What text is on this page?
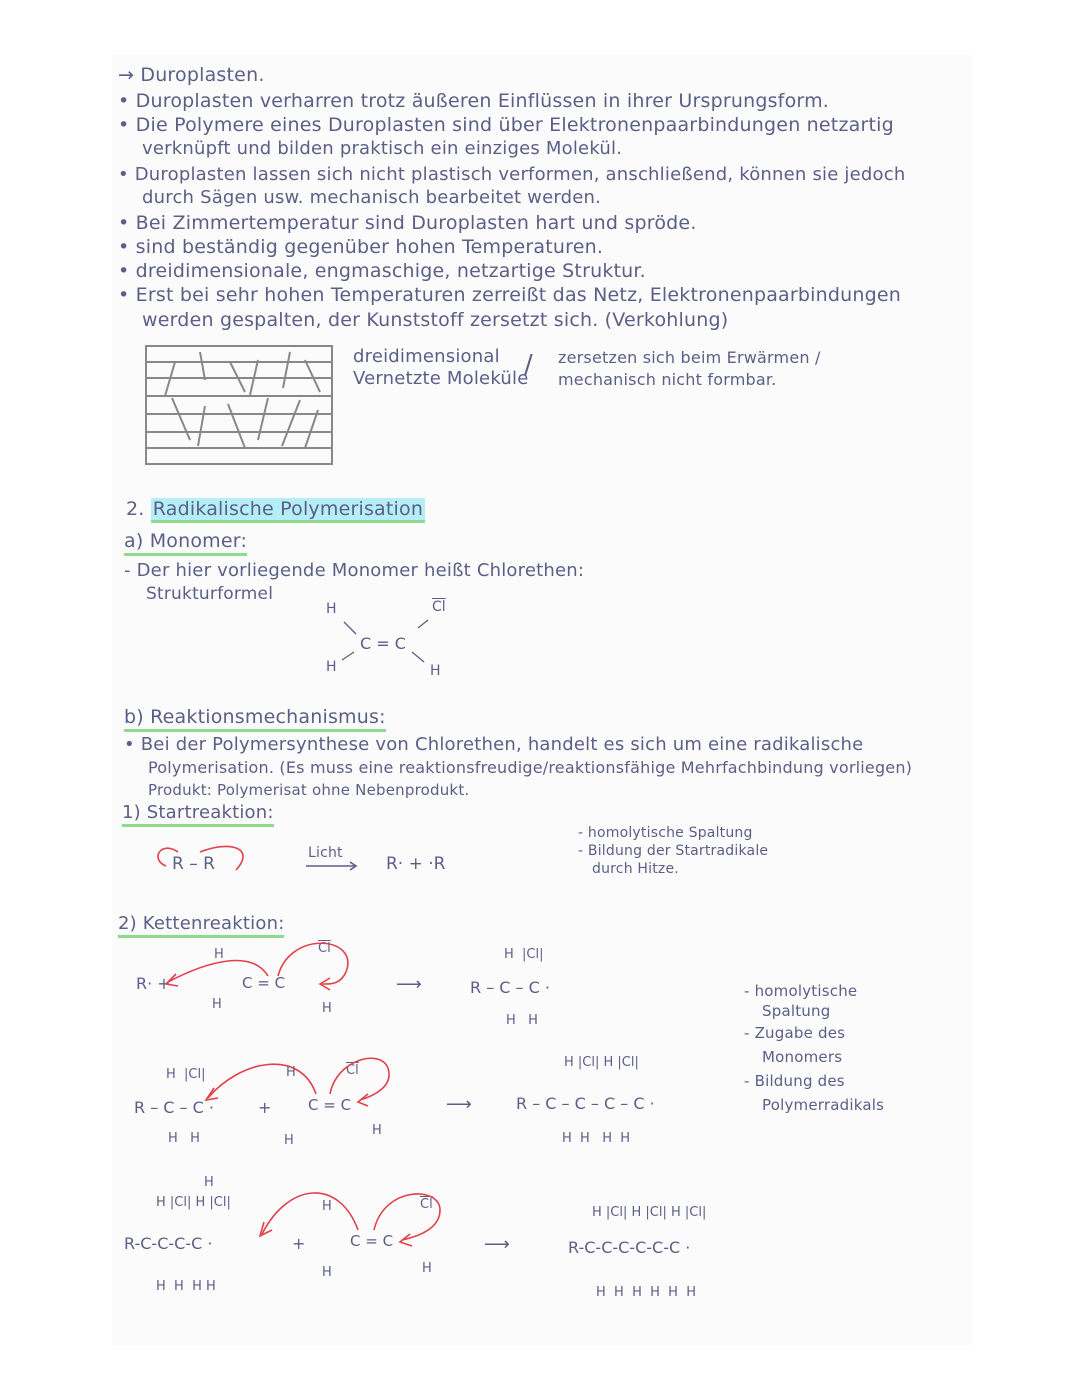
→ Duroplasten.
• Duroplasten verharren trotz äußeren Einflüssen in ihrer Ursprungsform.
• Die Polymere eines Duroplasten sind über Elektronenpaarbindungen netzartig
verknüpft und bilden praktisch ein einziges Molekül.
• Duroplasten lassen sich nicht plastisch verformen, anschließend, können sie jedoch
durch Sägen usw. mechanisch bearbeitet werden.
• Bei Zimmertemperatur sind Duroplasten hart und spröde.
• sind beständig gegenüber hohen Temperaturen.
• dreidimensionale, engmaschige, netzartige Struktur.
• Erst bei sehr hohen Temperaturen zerreißt das Netz, Elektronenpaarbindungen
werden gespalten, der Kunststoff zersetzt sich. (Verkohlung)
dreidimensional
Vernetzte Moleküle
/ zersetzen sich beim Erwärmen /
mechanisch nicht formbar.
2. Radikalische Polymerisation
a) Monomer:
- Der hier vorliegende Monomer heißt Chlorethen:
Strukturformel
H	$\overline{Cl}$
C = C
H	H
b) Reaktionsmechanismus:
• Bei der Polymersynthese von Chlorethen, handelt es sich um eine radikalische
Polymerisation. (Es muss eine reaktionsfreudige/reaktionsfähige Mehrfachbindung vorliegen)
Produkt: Polymerisat ohne Nebenprodukt.
1) Startreaktion:
R – R
Licht
R· + ·R
- homolytische Spaltung
- Bildung der Startradikale
durch Hitze.
2) Kettenreaktion:
R· +
H
C = C
$\overline{Cl}$
H	H
⟶
H  |Cl|
R – C – C ·
H   H
H  |Cl|
R – C – C ·
H   H
+
H
C = C
$\overline{Cl}$
H
H
⟶
H |Cl| H |Cl|
R – C – C – C – C ·
H  H   H  H
H
H |Cl| H |Cl|
R-C-C-C-C ·
H  H  H H
+
H
C = C
$\overline{Cl}$
H	H
⟶
H |Cl| H |Cl| H |Cl|
R-C-C-C-C-C-C ·
H  H  H  H  H  H
- homolytische
Spaltung
- Zugabe des
Monomers
- Bildung des
Polymerradikals
